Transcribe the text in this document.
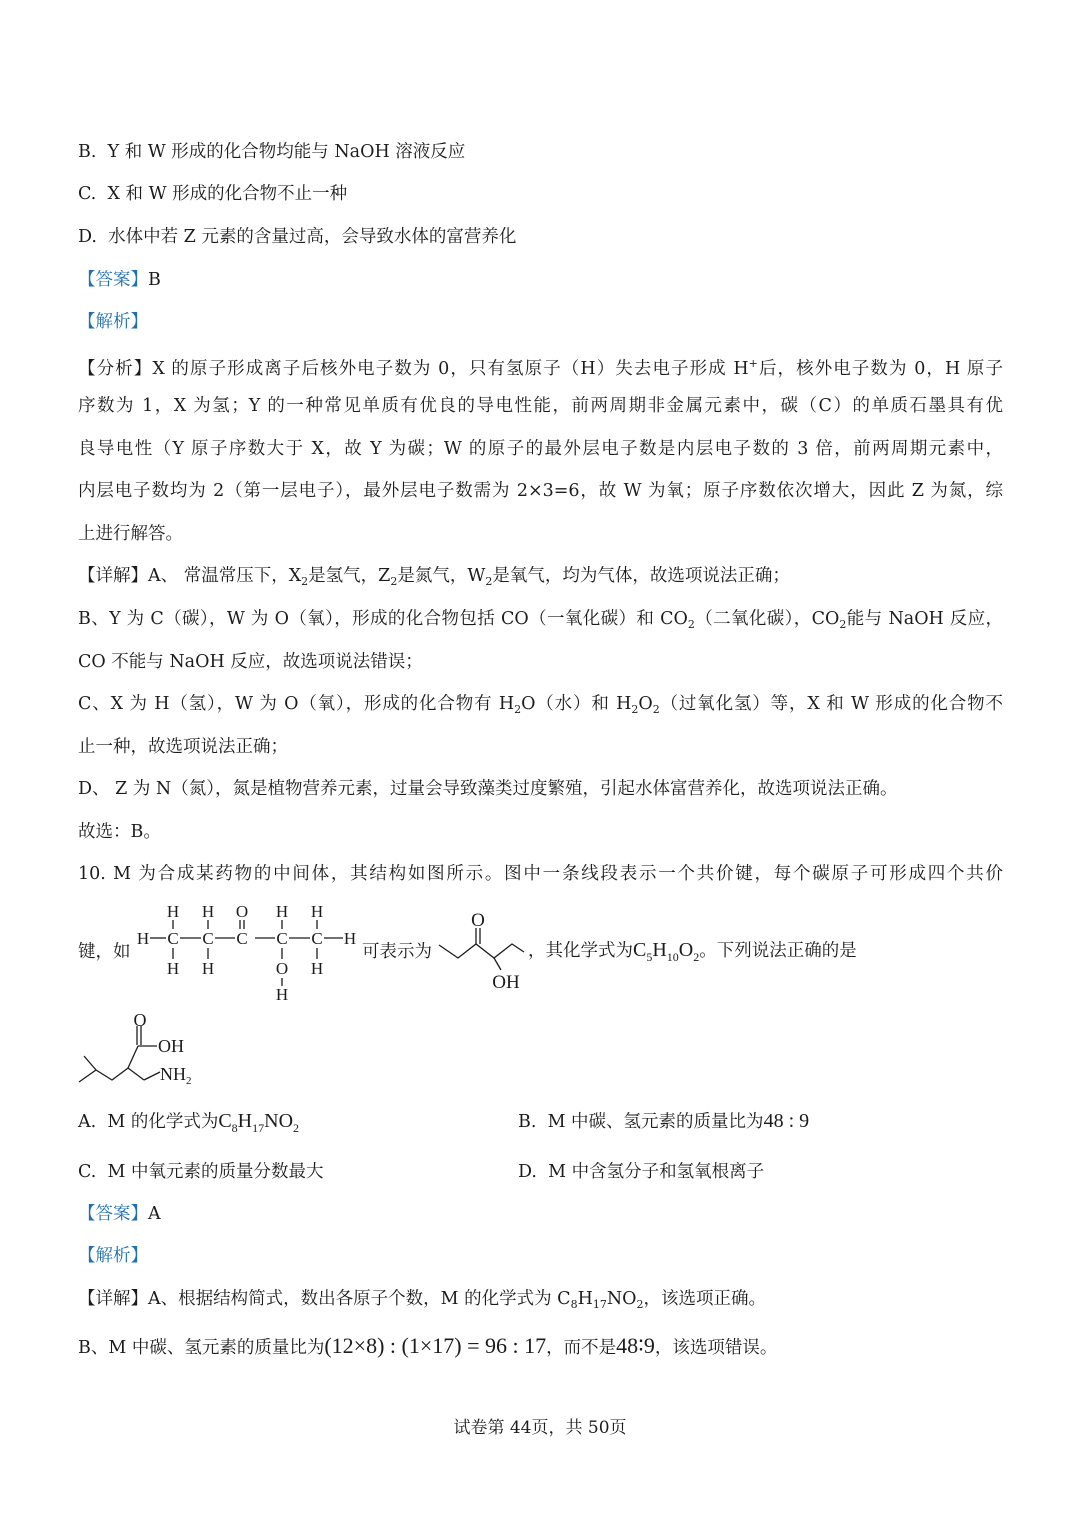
B. Y 和 W 形成的化合物均能与 NaOH 溶液反应
C. X 和 W 形成的化合物不止一种
D. 水体中若 Z 元素的含量过高，会导致水体的富营养化
【答案】B
【解析】
【分析】X 的原子形成离子后核外电子数为 0，只有氢原子（H）失去电子形成 H+后，核外电子数为 0，H 原子
序数为 1，X 为氢；Y 的一种常见单质有优良的导电性能，前两周期非金属元素中，碳（C）的单质石墨具有优
良导电性（Y 原子序数大于 X，故 Y 为碳；W 的原子的最外层电子数是内层电子数的 3 倍，前两周期元素中，
内层电子数均为 2（第一层电子），最外层电子数需为 2×3=6，故 W 为氧；原子序数依次增大，因此 Z 为氮，综
上进行解答。
【详解】A、 常温常压下，$X_2$是氢气，$Z_2$是氮气，$W_2$是氧气，均为气体，故选项说法正确；
B、Y 为 C（碳），W 为 O（氧），形成的化合物包括 CO（一氧化碳）和 $CO_2$（二氧化碳），$CO_2$能与 NaOH 反应，
CO 不能与 NaOH 反应，故选项说法错误；
C、X 为 H（氢），W 为 O（氧），形成的化合物有 $H_2O$（水）和 $H_2O_2$（过氧化氢）等，X 和 W 形成的化合物不
止一种，故选项说法正确；
D、 Z 为 N（氮），氮是植物营养元素，过量会导致藻类过度繁殖，引起水体富营养化，故选项说法正确。
故选：B。
10. M 为合成某药物的中间体，其结构如图所示。图中一条线段表示一个共价键，每个碳原子可形成四个共价
键，如
H H O H H
H C C C C C H
H H	O H
H
可表示为
O
OH
，其化学式为$C_5H_{10}O_2$。下列说法正确的是
O
OH
$NH_2$
A. M 的化学式为$C_8H_{17}NO_2$	B. M 中碳、氢元素的质量比为48 : 9
C. M 中氧元素的质量分数最大	D. M 中含氢分子和氢氧根离子
【答案】A
【解析】
【详解】A、根据结构简式，数出各原子个数，M 的化学式为 $C_8H_{17}NO_2$，该选项正确。
B、M 中碳、氢元素的质量比为(12×8) : (1×17) = 96 : 17，而不是48∶9，该选项错误。
试卷第 44页，共 50页
